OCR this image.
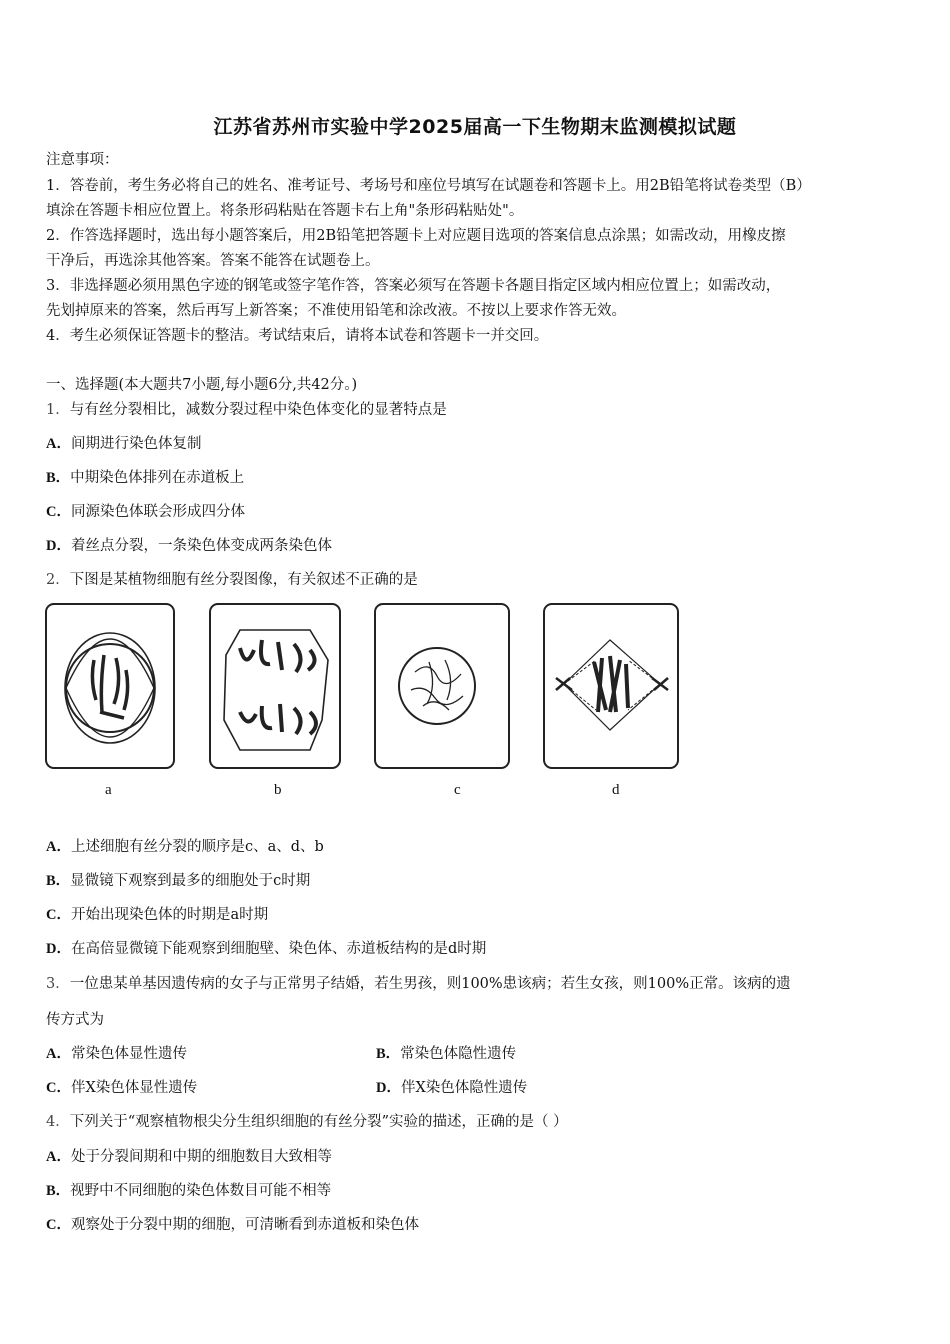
江苏省苏州市实验中学2025届高一下生物期末监测模拟试题
注意事项：
1．答卷前，考生务必将自己的姓名、准考证号、考场号和座位号填写在试题卷和答题卡上。用2B铅笔将试卷类型（B）
填涂在答题卡相应位置上。将条形码粘贴在答题卡右上角"条形码粘贴处"。
2．作答选择题时，选出每小题答案后，用2B铅笔把答题卡上对应题目选项的答案信息点涂黑；如需改动，用橡皮擦
干净后，再选涂其他答案。答案不能答在试题卷上。
3．非选择题必须用黑色字迹的钢笔或签字笔作答，答案必须写在答题卡各题目指定区域内相应位置上；如需改动，
先划掉原来的答案，然后再写上新答案；不准使用铅笔和涂改液。不按以上要求作答无效。
4．考生必须保证答题卡的整洁。考试结束后，请将本试卷和答题卡一并交回。
一、选择题(本大题共7小题,每小题6分,共42分。)
1．与有丝分裂相比，减数分裂过程中染色体变化的显著特点是
A．间期进行染色体复制
B．中期染色体排列在赤道板上
C．同源染色体联会形成四分体
D．着丝点分裂，一条染色体变成两条染色体
2．下图是某植物细胞有丝分裂图像，有关叙述不正确的是
a	b	c	d
A．上述细胞有丝分裂的顺序是c、a、d、b
B．显微镜下观察到最多的细胞处于c时期
C．开始出现染色体的时期是a时期
D．在高倍显微镜下能观察到细胞壁、染色体、赤道板结构的是d时期
3．一位患某单基因遗传病的女子与正常男子结婚，若生男孩，则100%患该病；若生女孩，则100%正常。该病的遗
传方式为
A．常染色体显性遗传	B．常染色体隐性遗传
C．伴X染色体显性遗传	D．伴X染色体隐性遗传
4．下列关于“观察植物根尖分生组织细胞的有丝分裂”实验的描述，正确的是（ ）
A．处于分裂间期和中期的细胞数目大致相等
B．视野中不同细胞的染色体数目可能不相等
C．观察处于分裂中期的细胞，可清晰看到赤道板和染色体
